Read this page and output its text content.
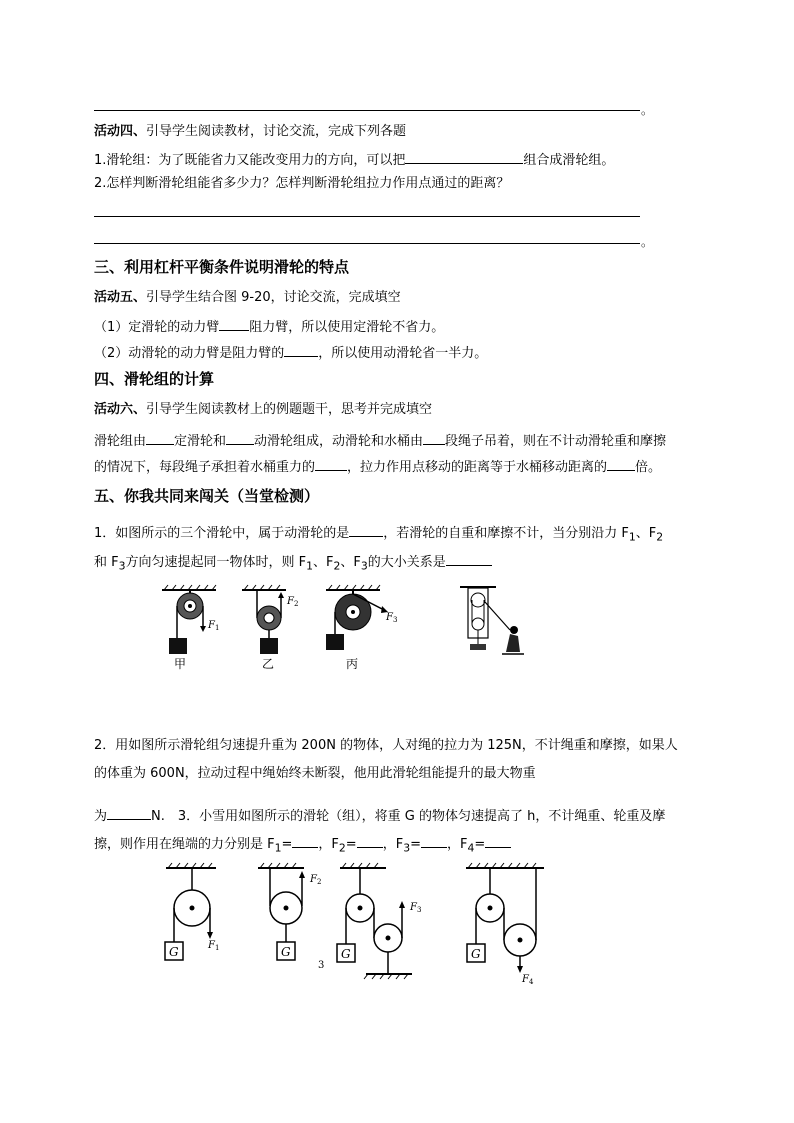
。
活动四、引导学生阅读教材，讨论交流，完成下列各题
1.滑轮组：为了既能省力又能改变用力的方向，可以把	组合成滑轮组。
2.怎样判断滑轮组能省多少力？怎样判断滑轮组拉力作用点通过的距离？
。
三、利用杠杆平衡条件说明滑轮的特点
活动五、引导学生结合图 9-20，讨论交流，完成填空
（1）定滑轮的动力臂 阻力臂，所以使用定滑轮不省力。
（2）动滑轮的动力臂是阻力臂的	，所以使用动滑轮省一半力。
四、滑轮组的计算
活动六、引导学生阅读教材上的例题题干，思考并完成填空
滑轮组由 定滑轮和 动滑轮组成，动滑轮和水桶由 段绳子吊着，则在不计动滑轮重和摩擦
的情况下，每段绳子承担着水桶重力的 ，拉力作用点移动的距离等于水桶移动距离的 倍。
五、你我共同来闯关（当堂检测）
1．如图所示的三个滑轮中，属于动滑轮的是	，若滑轮的自重和摩擦不计，当分别沿力 $F_1$、$F_2$
和 $F_3$方向匀速提起同一物体时，则 $F_1$、$F_2$、$F_3$的大小关系是
F 1
甲
F 2
乙
F 3
丙
2．用如图所示滑轮组匀速提升重为 200N 的物体，人对绳的拉力为 125N，不计绳重和摩擦，如果人
的体重为 600N，拉动过程中绳始终未断裂，他用此滑轮组能提升的最大物重
为	N.　3．小雪用如图所示的滑轮（组），将重 G 的物体匀速提高了 h，不计绳重、轮重及摩
擦，则作用在绳端的力分别是 $F_1=$ ，$F_2=$ ，$F_3=$ ，$F_4=$
G	F 1
F 2
G	G
F 3
3
G
F 4
